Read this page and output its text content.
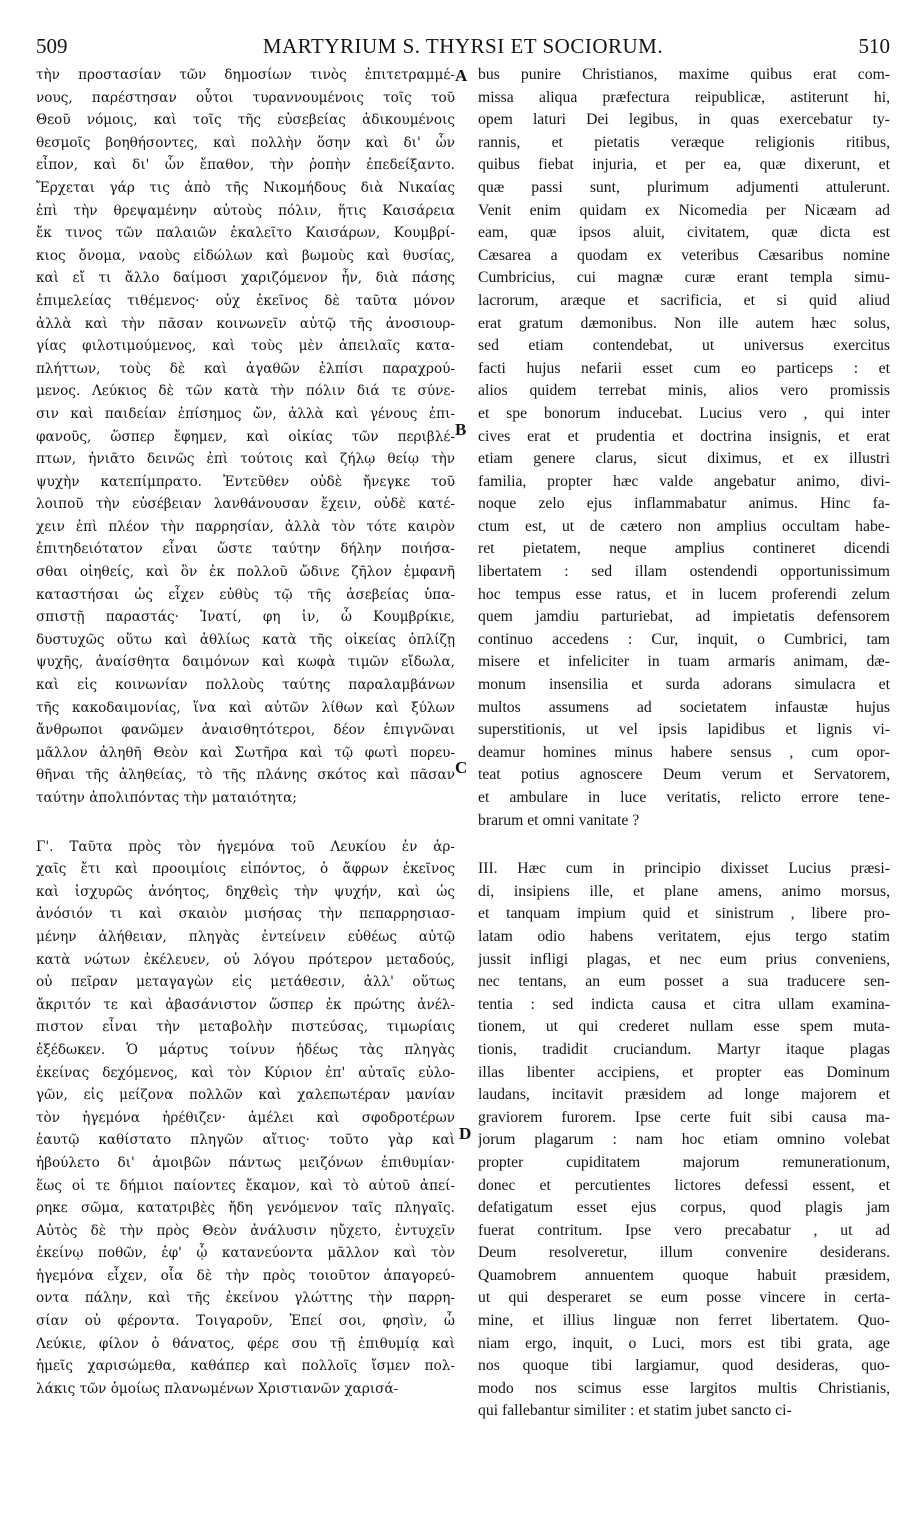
509	MARTYRIUM S. THYRSI ET SOCIORUM.	510
τὴν προστασίαν τῶν δημοσίων τινὸς ἐπιτετραμμέ-
νους, παρέστησαν οὗτοι τυραννουμένοις τοῖς τοῦ
Θεοῦ νόμοις, καὶ τοῖς τῆς εὐσεβείας ἀδικουμένοις
θεσμοῖς βοηθήσοντες, καὶ πολλὴν ὅσην καὶ δι' ὧν
εἶπον, καὶ δι' ὧν ἔπαθον, τὴν ῥοπὴν ἐπεδείξαντο.
Ἔρχεται γάρ τις ἀπὸ τῆς Νικομήδους διὰ Νικαίας
ἐπὶ τὴν θρεψαμένην αὐτοὺς πόλιν, ἥτις Καισάρεια
ἔκ τινος τῶν παλαιῶν ἐκαλεῖτο Καισάρων, Κουμβρί-
κιος ὄνομα, ναοὺς εἰδώλων καὶ βωμοὺς καὶ θυσίας,
καὶ εἴ τι ἄλλο δαίμοσι χαριζόμενον ἦν, διὰ πάσης
ἐπιμελείας τιθέμενος· οὐχ ἐκεῖνος δὲ ταῦτα μόνον
ἀλλὰ καὶ τὴν πᾶσαν κοινωνεῖν αὐτῷ τῆς ἀνοσιουρ-
γίας φιλοτιμούμενος, καὶ τοὺς μὲν ἀπειλαῖς κατα-
πλήττων, τοὺς δὲ καὶ ἀγαθῶν ἐλπίσι παραχρού-
μενος. Λεύκιος δὲ τῶν κατὰ τὴν πόλιν διά τε σύνε-
σιν καὶ παιδείαν ἐπίσημος ὤν, ἀλλὰ καὶ γένους ἐπι-
φανοῦς, ὥσπερ ἔφημεν, καὶ οἰκίας τῶν περιβλέ-
πτων, ἠνιᾶτο δεινῶς ἐπὶ τούτοις καὶ ζήλῳ θείῳ τὴν
ψυχὴν κατεπίμπρατο. Ἐντεῦθεν οὐδὲ ἤνεγκε τοῦ
λοιποῦ τὴν εὐσέβειαν λανθάνουσαν ἔχειν, οὐδὲ κατέ-
χειν ἐπὶ πλέον τὴν παρρησίαν, ἀλλὰ τὸν τότε καιρὸν
ἐπιτηδειότατον εἶναι ὥστε ταύτην δήλην ποιήσα-
σθαι οἰηθείς, καὶ ὃν ἐκ πολλοῦ ὤδινε ζῆλον ἐμφανῆ
καταστήσαι ὡς εἶχεν εὐθὺς τῷ τῆς ἀσεβείας ὑπα-
σπιστῇ παραστάς· Ἱνατί, φη ἱν, ὦ Κουμβρίκιε,
δυστυχῶς οὕτω καὶ ἀθλίως κατὰ τῆς οἰκείας ὁπλίζῃ
ψυχῆς, ἀναίσθητα δαιμόνων καὶ κωφὰ τιμῶν εἴδωλα,
καὶ εἰς κοινωνίαν πολλοὺς ταύτης παραλαμβάνων
τῆς κακοδαιμονίας, ἵνα καὶ αὐτῶν λίθων καὶ ξύλων
ἄνθρωποι φανῶμεν ἀναισθητότεροι, δέον ἐπιγνῶναι
μᾶλλον ἀληθῆ Θεὸν καὶ Σωτῆρα καὶ τῷ φωτὶ πορευ-
θῆναι τῆς ἀληθείας, τὸ τῆς πλάνης σκότος καὶ πᾶσαν
ταύτην ἀπολιπόντας τὴν ματαιότητα;
Γ'. Ταῦτα πρὸς τὸν ἡγεμόνα τοῦ Λευκίου ἐν ἀρ-
χαῖς ἔτι καὶ προοιμίοις εἰπόντος, ὁ ἄφρων ἐκεῖνος
καὶ ἰσχυρῶς ἀνόητος, δηχθεὶς τὴν ψυχήν, καὶ ὡς
ἀνόσιόν τι καὶ σκαιὸν μισήσας τὴν πεπαρρησιασ-
μένην ἀλήθειαν, πληγὰς ἐντείνειν εὐθέως αὐτῷ
κατὰ νώτων ἐκέλευεν, οὐ λόγου πρότερον μεταδούς,
οὐ πεῖραν μεταγαγὼν εἰς μετάθεσιν, ἀλλ' οὕτως
ἄκριτόν τε καὶ ἀβασάνιστον ὥσπερ ἐκ πρώτης ἀνέλ-
πιστον εἶναι τὴν μεταβολὴν πιστεύσας, τιμωρίαις
ἐξέδωκεν. Ὁ μάρτυς τοίνυν ἡδέως τὰς πληγὰς
ἐκείνας δεχόμενος, καὶ τὸν Κύριον ἐπ' αὐταῖς εὐλο-
γῶν, εἰς μείζονα πολλῶν καὶ χαλεπωτέραν μανίαν
τὸν ἡγεμόνα ἠρέθιζεν· ἀμέλει καὶ σφοδροτέρων
ἑαυτῷ καθίστατο πληγῶν αἴτιος· τοῦτο γὰρ καὶ
ἠβούλετο δι' ἀμοιβῶν πάντως μειζόνων ἐπιθυμίαν·
ἕως οἱ τε δήμιοι παίοντες ἔκαμον, καὶ τὸ αὐτοῦ ἀπεί-
ρηκε σῶμα, κατατριβὲς ἤδη γενόμενον ταῖς πληγαῖς.
Αὐτὸς δὲ τὴν πρὸς Θεὸν ἀνάλυσιν ηὔχετο, ἐντυχεῖν
ἐκείνῳ ποθῶν, ἐφ' ᾧ κατανεύοντα μᾶλλον καὶ τὸν
ἡγεμόνα εἶχεν, οἷα δὲ τὴν πρὸς τοιοῦτον ἀπαγορεύ-
οντα πάλην, καὶ τῆς ἐκείνου γλώττης τὴν παρρη-
σίαν οὐ φέροντα. Τοιγαροῦν, Ἐπεί σοι, φησὶν, ὦ
Λεύκιε, φίλον ὁ θάνατος, φέρε σου τῇ ἐπιθυμίᾳ καὶ
ἡμεῖς χαρισώμεθα, καθάπερ καὶ πολλοῖς ἴσμεν πολ-
λάκις τῶν ὁμοίως πλανωμένων Χριστιανῶν χαρισά-
bus punire Christianos, maxime quibus erat com-
missa aliqua præfectura reipublicæ, astiterunt hi,
opem laturi Dei legibus, in quas exercebatur ty-
rannis, et pietatis veræque religionis ritibus,
quibus fiebat injuria, et per ea, quæ dixerunt, et
quæ passi sunt, plurimum adjumenti attulerunt.
Venit enim quidam ex Nicomedia per Nicæam ad
eam, quæ ipsos aluit, civitatem, quæ dicta est
Cæsarea a quodam ex veteribus Cæsaribus nomine
Cumbricius, cui magnæ curæ erant templa simu-
lacrorum, aræque et sacrificia, et si quid aliud
erat gratum dæmonibus. Non ille autem hæc solus,
sed etiam contendebat, ut universus exercitus
facti hujus nefarii esset cum eo particeps : et
alios quidem terrebat minis, alios vero promissis
et spe bonorum inducebat. Lucius vero , qui inter
cives erat et prudentia et doctrina insignis, et erat
etiam genere clarus, sicut diximus, et ex illustri
familia, propter hæc valde angebatur animo, divi-
noque zelo ejus inflammabatur animus. Hinc fa-
ctum est, ut de cætero non amplius occultam habe-
ret pietatem, neque amplius contineret dicendi
libertatem : sed illam ostendendi opportunissimum
hoc tempus esse ratus, et in lucem proferendi zelum
quem jamdiu parturiebat, ad impietatis defensorem
continuo accedens : Cur, inquit, o Cumbrici, tam
misere et infeliciter in tuam armaris animam, dæ-
monum insensilia et surda adorans simulacra et
multos assumens ad societatem infaustæ hujus
superstitionis, ut vel ipsis lapidibus et lignis vi-
deamur homines minus habere sensus , cum opor-
teat potius agnoscere Deum verum et Servatorem,
et ambulare in luce veritatis, relicto errore tene-
brarum et omni vanitate ?
III. Hæc cum in principio dixisset Lucius præsi-
di, insipiens ille, et plane amens, animo morsus,
et tanquam impium quid et sinistrum , libere pro-
latam odio habens veritatem, ejus tergo statim
jussit infligi plagas, et nec eum prius conveniens,
nec tentans, an eum posset a sua traducere sen-
tentia : sed indicta causa et citra ullam examina-
tionem, ut qui crederet nullam esse spem muta-
tionis, tradidit cruciandum. Martyr itaque plagas
illas libenter accipiens, et propter eas Dominum
laudans, incitavit præsidem ad longe majorem et
graviorem furorem. Ipse certe fuit sibi causa ma-
jorum plagarum : nam hoc etiam omnino volebat
propter cupiditatem majorum remunerationum,
donec et percutientes lictores defessi essent, et
defatigatum esset ejus corpus, quod plagis jam
fuerat contritum. Ipse vero precabatur , ut ad
Deum resolveretur, illum convenire desiderans.
Quamobrem annuentem quoque habuit præsidem,
ut qui desperaret se eum posse vincere in certa-
mine, et illius linguæ non ferret libertatem. Quo-
niam ergo, inquit, o Luci, mors est tibi grata, age
nos quoque tibi largiamur, quod desideras, quo-
modo nos scimus esse largitos multis Christianis,
qui fallebantur similiter : et statim jubet sancto ci-
A
B
C
D
